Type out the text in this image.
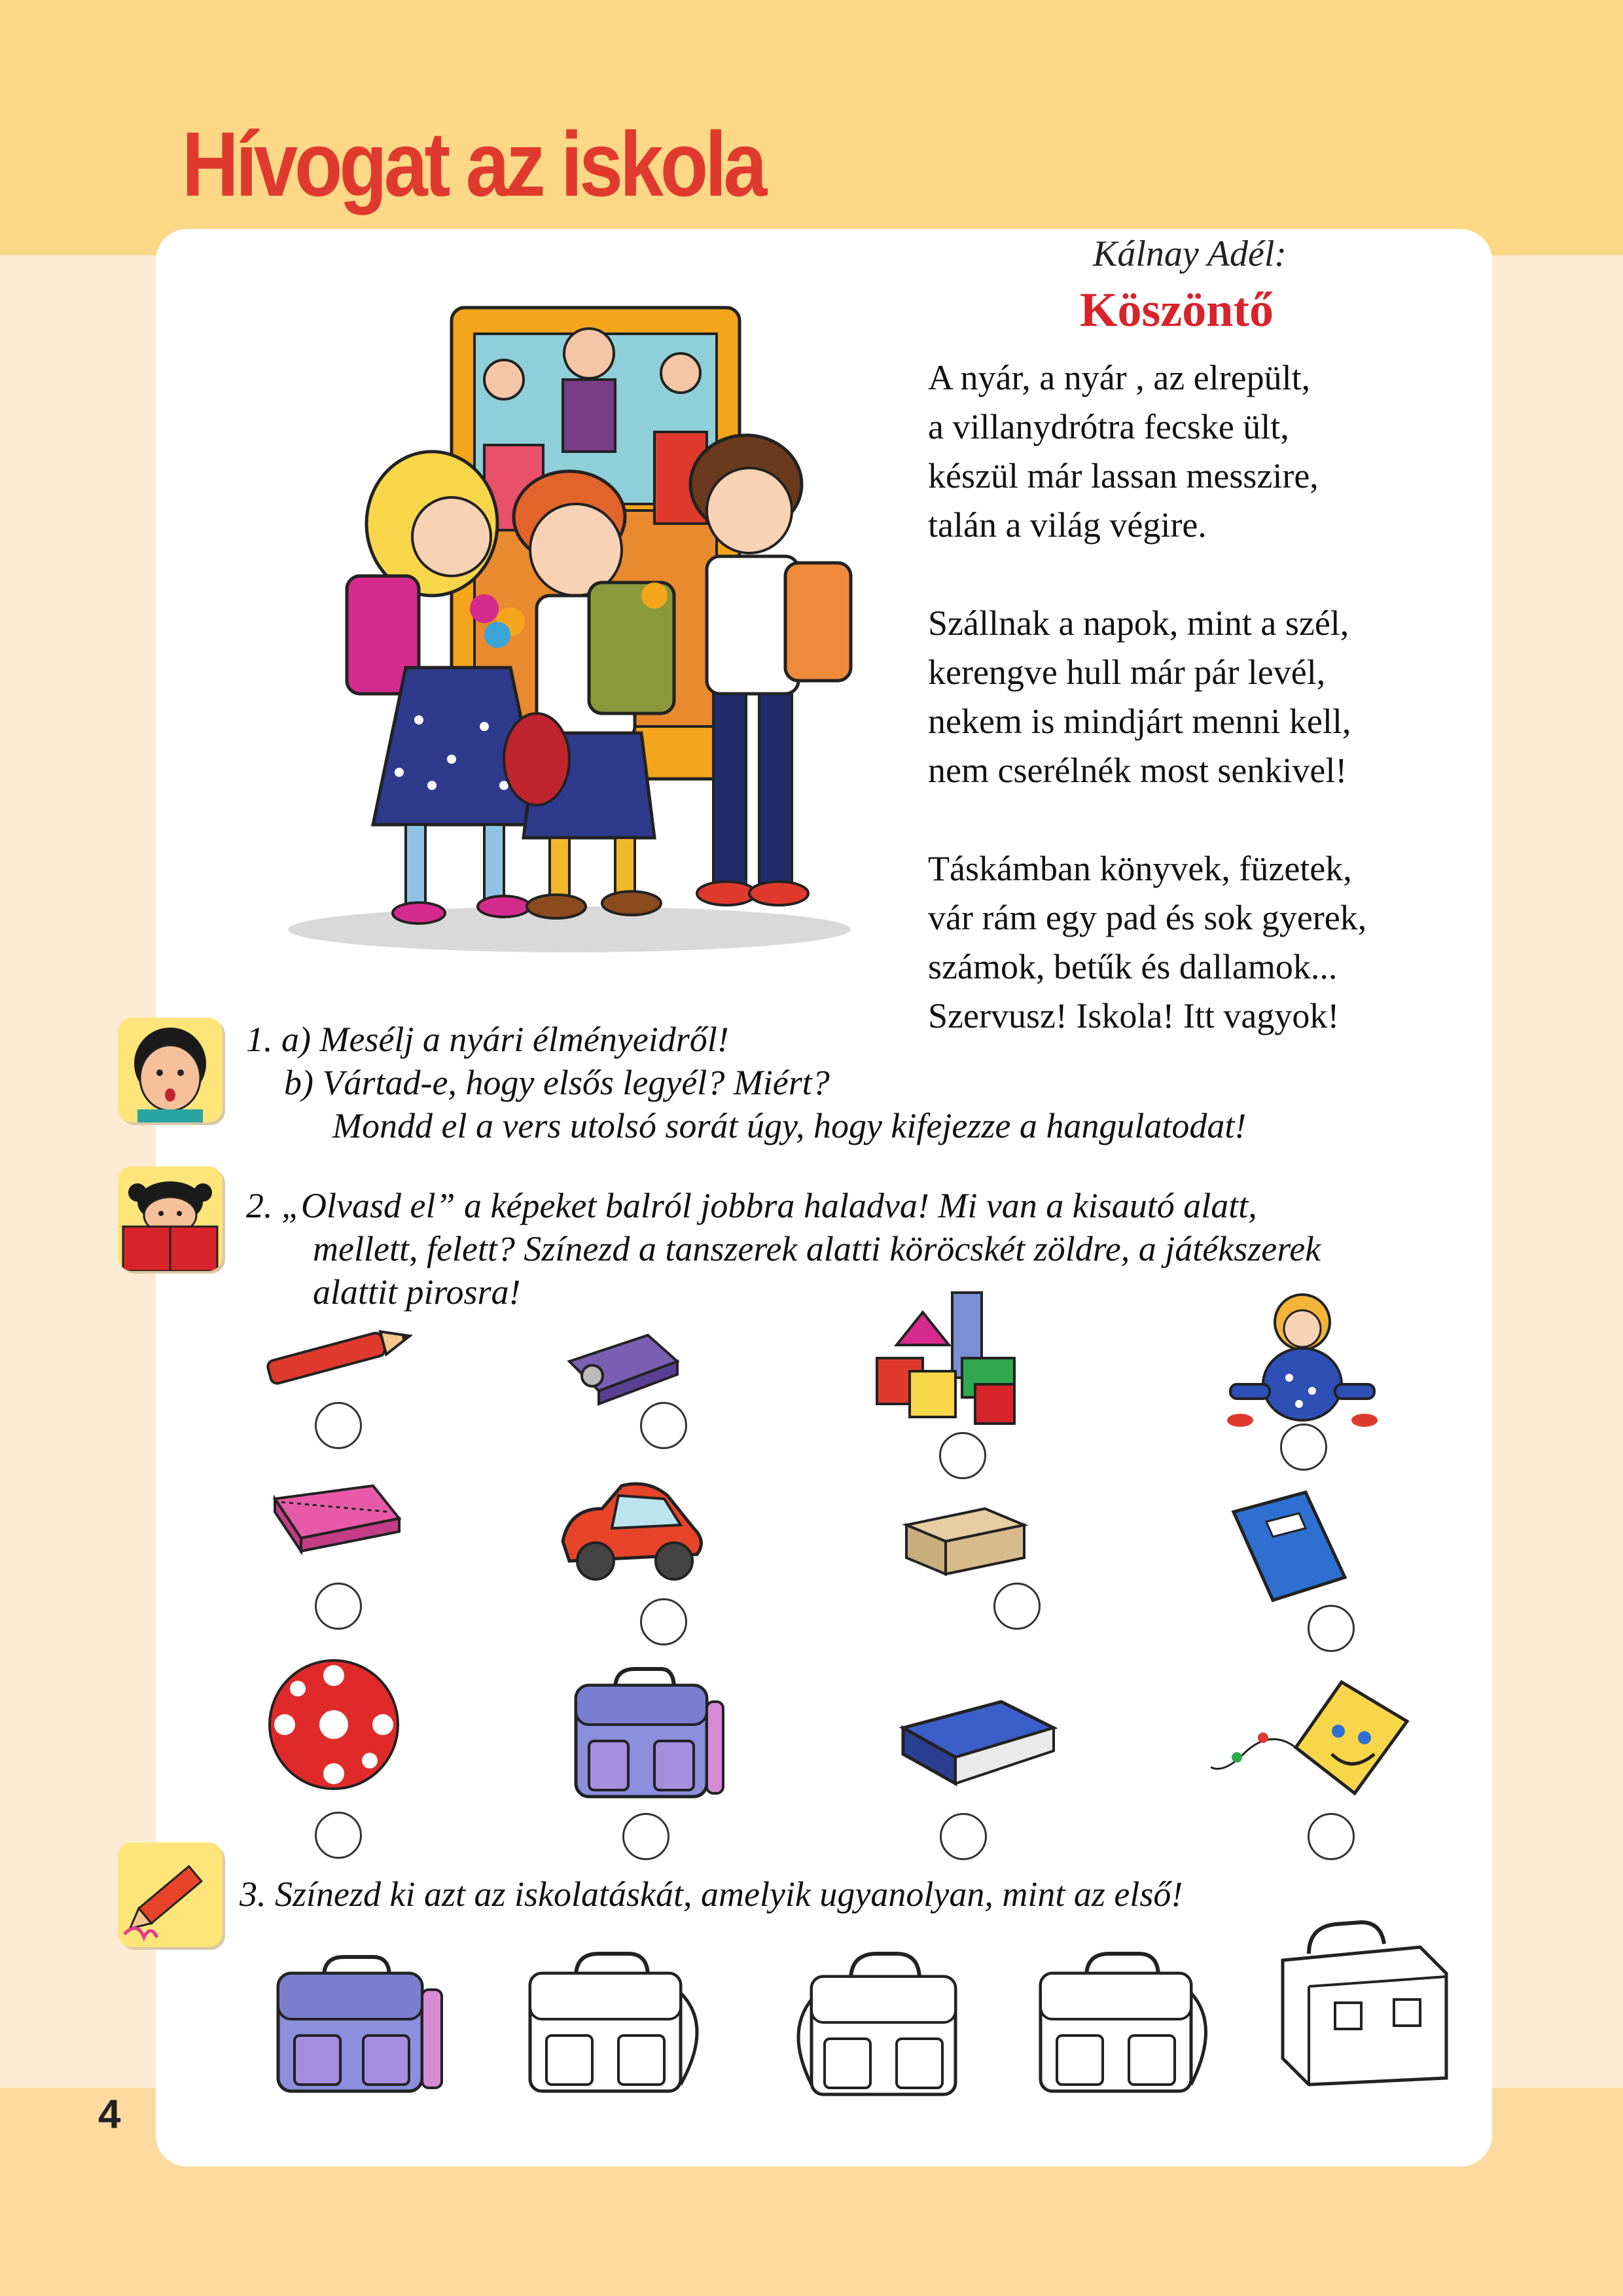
Hívogat az iskola
4
Kálnay Adél:
Köszöntő
A nyár, a nyár , az elrepült,
a villanydrótra fecske ült,
készül már lassan messzire,
talán a világ végire.
Szállnak a napok, mint a szél,
kerengve hull már pár levél,
nekem is mindjárt menni kell,
nem cserélnék most senkivel!
Táskámban könyvek, füzetek,
vár rám egy pad és sok gyerek,
számok, betűk és dallamok...
Szervusz! Iskola! Itt vagyok!
1. a) Mesélj a nyári élményeidről!
b) Vártad-e, hogy elsős legyél? Miért?
Mondd el a vers utolsó sorát úgy, hogy kifejezze a hangulatodat!
2. „Olvasd el” a képeket balról jobbra haladva! Mi van a kisautó alatt,
mellett, felett? Színezd a tanszerek alatti köröcskét zöldre, a játékszerek
alattit pirosra!
3. Színezd ki azt az iskolatáskát, amelyik ugyanolyan, mint az első!
